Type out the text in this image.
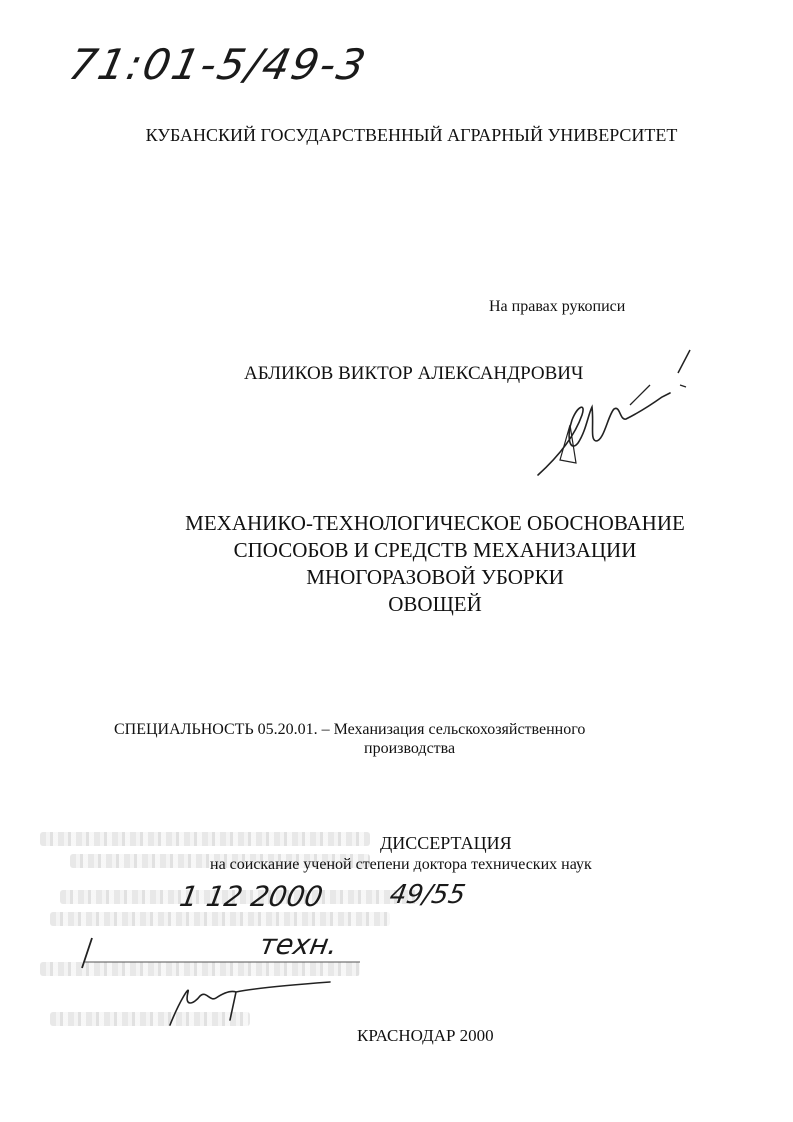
71:01-5/49-3
КУБАНСКИЙ ГОСУДАРСТВЕННЫЙ АГРАРНЫЙ УНИВЕРСИТЕТ
На правах рукописи
АБЛИКОВ ВИКТОР АЛЕКСАНДРОВИЧ
МЕХАНИКО-ТЕХНОЛОГИЧЕСКОЕ ОБОСНОВАНИЕ
СПОСОБОВ И СРЕДСТВ МЕХАНИЗАЦИИ
МНОГОРАЗОВОЙ УБОРКИ
ОВОЩЕЙ
СПЕЦИАЛЬНОСТЬ 05.20.01. – Механизация сельскохозяйственного
производства
ДИССЕРТАЦИЯ
на соискание ученой степени доктора технических наук
1 12 2000 49/55
техн.
КРАСНОДАР 2000
